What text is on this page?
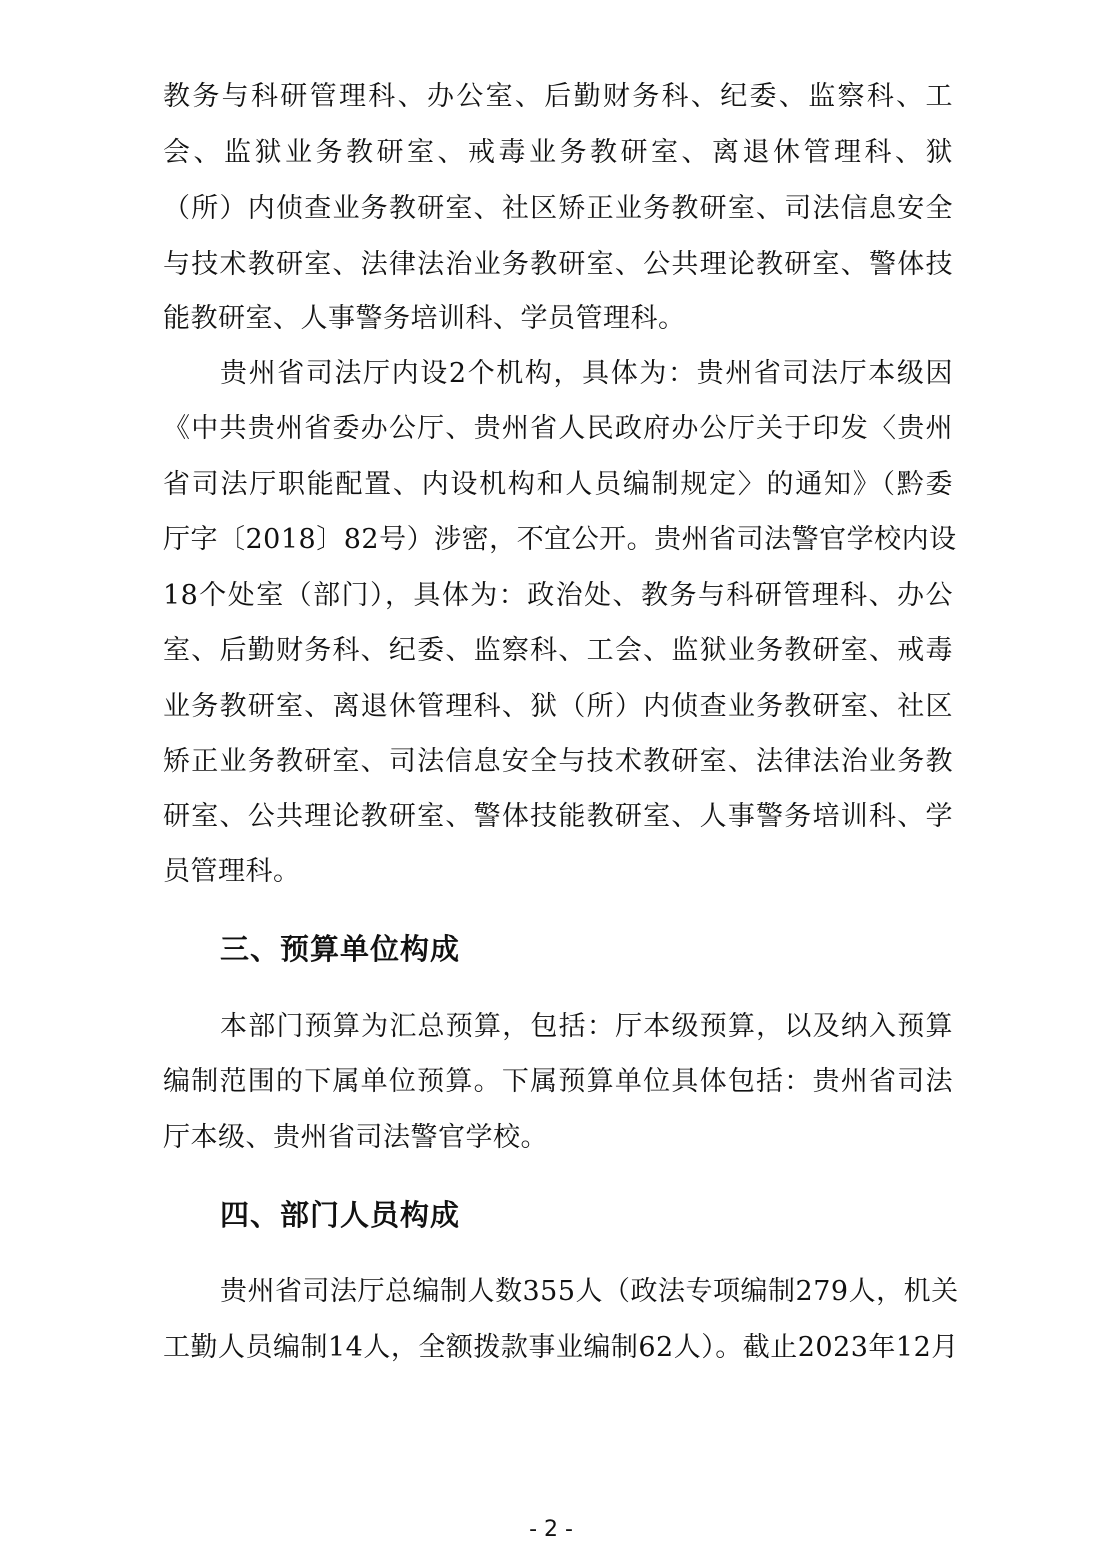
教务与科研管理科、办公室、后勤财务科、纪委、监察科、工
会、监狱业务教研室、戒毒业务教研室、离退休管理科、狱
（所）内侦查业务教研室、社区矫正业务教研室、司法信息安全
与技术教研室、法律法治业务教研室、公共理论教研室、警体技
能教研室、人事警务培训科、学员管理科。
贵州省司法厅内设2个机构，具体为：贵州省司法厅本级因
《中共贵州省委办公厅、贵州省人民政府办公厅关于印发〈贵州
省司法厅职能配置、内设机构和人员编制规定〉的通知》（黔委
厅字〔2018〕82号）涉密，不宜公开。贵州省司法警官学校内设
18个处室（部门），具体为：政治处、教务与科研管理科、办公
室、后勤财务科、纪委、监察科、工会、监狱业务教研室、戒毒
业务教研室、离退休管理科、狱（所）内侦查业务教研室、社区
矫正业务教研室、司法信息安全与技术教研室、法律法治业务教
研室、公共理论教研室、警体技能教研室、人事警务培训科、学
员管理科。
三、预算单位构成
本部门预算为汇总预算，包括：厅本级预算，以及纳入预算
编制范围的下属单位预算。下属预算单位具体包括：贵州省司法
厅本级、贵州省司法警官学校。
四、部门人员构成
贵州省司法厅总编制人数355人（政法专项编制279人，机关
工勤人员编制14人，全额拨款事业编制62人）。截止2023年12月
- 2 -
